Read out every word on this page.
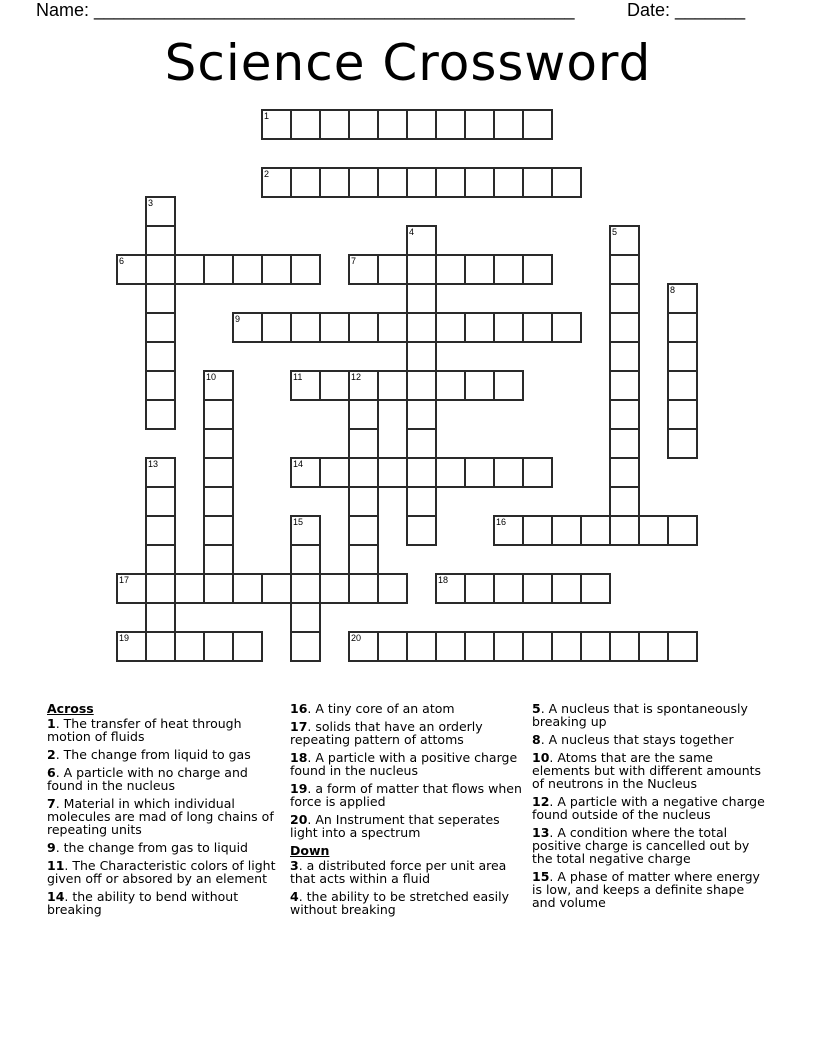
Name: ________________________________________________	Date: _______
Science Crossword
1
2
3
4	5
6	7
8
9
10	11	12
13	14
15	16
17	18
19	20
Across
1. The transfer of heat through motion of fluids
2. The change from liquid to gas
6. A particle with no charge and found in the nucleus
7. Material in which individual molecules are mad of long chains of repeating units
9. the change from gas to liquid
11. The Characteristic colors of light given off or absored by an element
14. the ability to bend without breaking
16. A tiny core of an atom
17. solids that have an orderly repeating pattern of attoms
18. A particle with a positive charge found in the nucleus
19. a form of matter that flows when force is applied
20. An Instrument that seperates light into a spectrum
Down
3. a distributed force per unit area that acts within a fluid
4. the ability to be stretched easily without breaking
5. A nucleus that is spontaneously breaking up
8. A nucleus that stays together
10. Atoms that are the same elements but with different amounts of neutrons in the Nucleus
12. A particle with a negative charge found outside of the nucleus
13. A condition where the total positive charge is cancelled out by the total negative charge
15. A phase of matter where energy is low, and keeps a definite shape and volume
